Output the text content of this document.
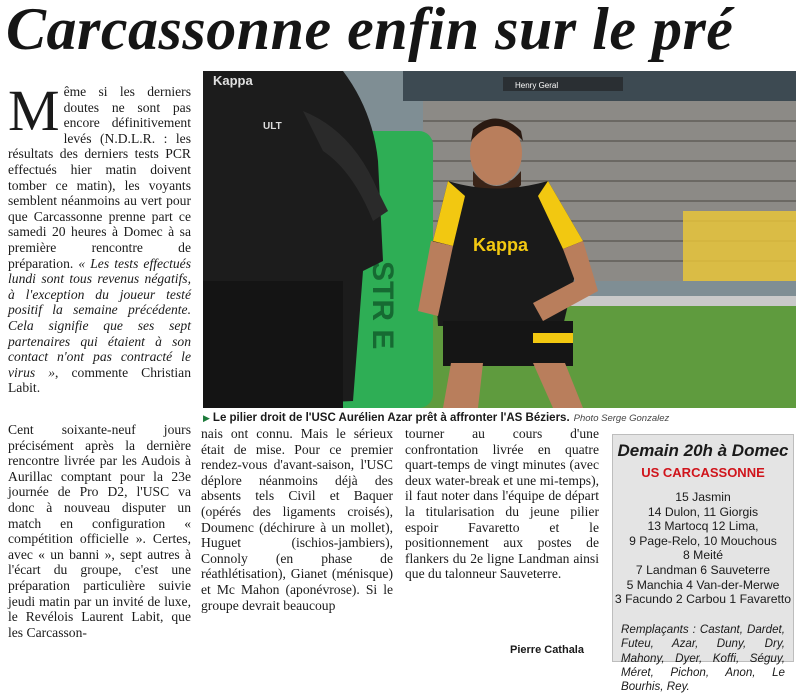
Carcassonne enfin sur le pré

M ême si les derniers doutes ne sont pas encore définitivement levés (N.D.L.R. : les résultats des derniers tests PCR effectués hier matin doivent tomber ce matin), les voyants semblent néanmoins au vert pour que Carcassonne prenne part ce samedi 20 heures à Domec à sa première rencontre de préparation. « Les tests effectués lundi sont tous revenus négatifs, à l'exception du joueur testé positif la semaine précédente. Cela signifie que ses sept partenaires qui étaient à son contact n'ont pas contracté le virus », commente Christian Labit.

Cent soixante-neuf jours précisément après la dernière rencontre livrée par les Audois à Aurillac comptant pour la 23e journée de Pro D2, l'USC va donc à nouveau disputer un match en configuration « compétition officielle ». Certes, avec « un banni », sept autres à l'écart du groupe, c'est une préparation particulière suivie jeudi matin par un invité de luxe, le Revélois Laurent Labit, que les Carcasson-

nais ont connu. Mais le sérieux était de mise. Pour ce premier rendez-vous d'avant-saison, l'USC déplore néanmoins déjà des absents tels Civil et Baquer (opérés des ligaments croisés), Doumenc (déchirure à un mollet), Huguet (ischios-jambiers), Connoly (en phase de réathlétisation), Gianet (ménisque) et Mc Mahon (aponévrose). Si le groupe devrait beaucoup

tourner au cours d'une confrontation livrée en quatre quart-temps de vingt minutes (avec deux water-break et une mi-temps), il faut noter dans l'équipe de départ la titularisation du jeune pilier espoir Favaretto et le positionnement aux postes de flankers du 2e ligne Landman ainsi que du talonneur Sauveterre.

Henry Geral
STR E
Kappa
ULT
Kappa
▶ Le pilier droit de l'USC Aurélien Azar prêt à affronter l'AS Béziers. Photo Serge Gonzalez
Pierre Cathala
Demain 20h à Domec
US CARCASSONNE
15 Jasmin
14 Dulon, 11 Giorgis
13 Martocq 12 Lima,
9 Page-Relo, 10 Mouchous
8 Meité
7 Landman 6 Sauveterre
5 Manchia 4 Van-der-Merwe
3 Facundo 2 Carbou 1 Favaretto
Remplaçants : Castant, Dardet, Futeu, Azar, Duny, Dry, Mahony, Dyer, Koffi, Séguy, Méret, Pichon, Anon, Le Bourhis, Rey.
